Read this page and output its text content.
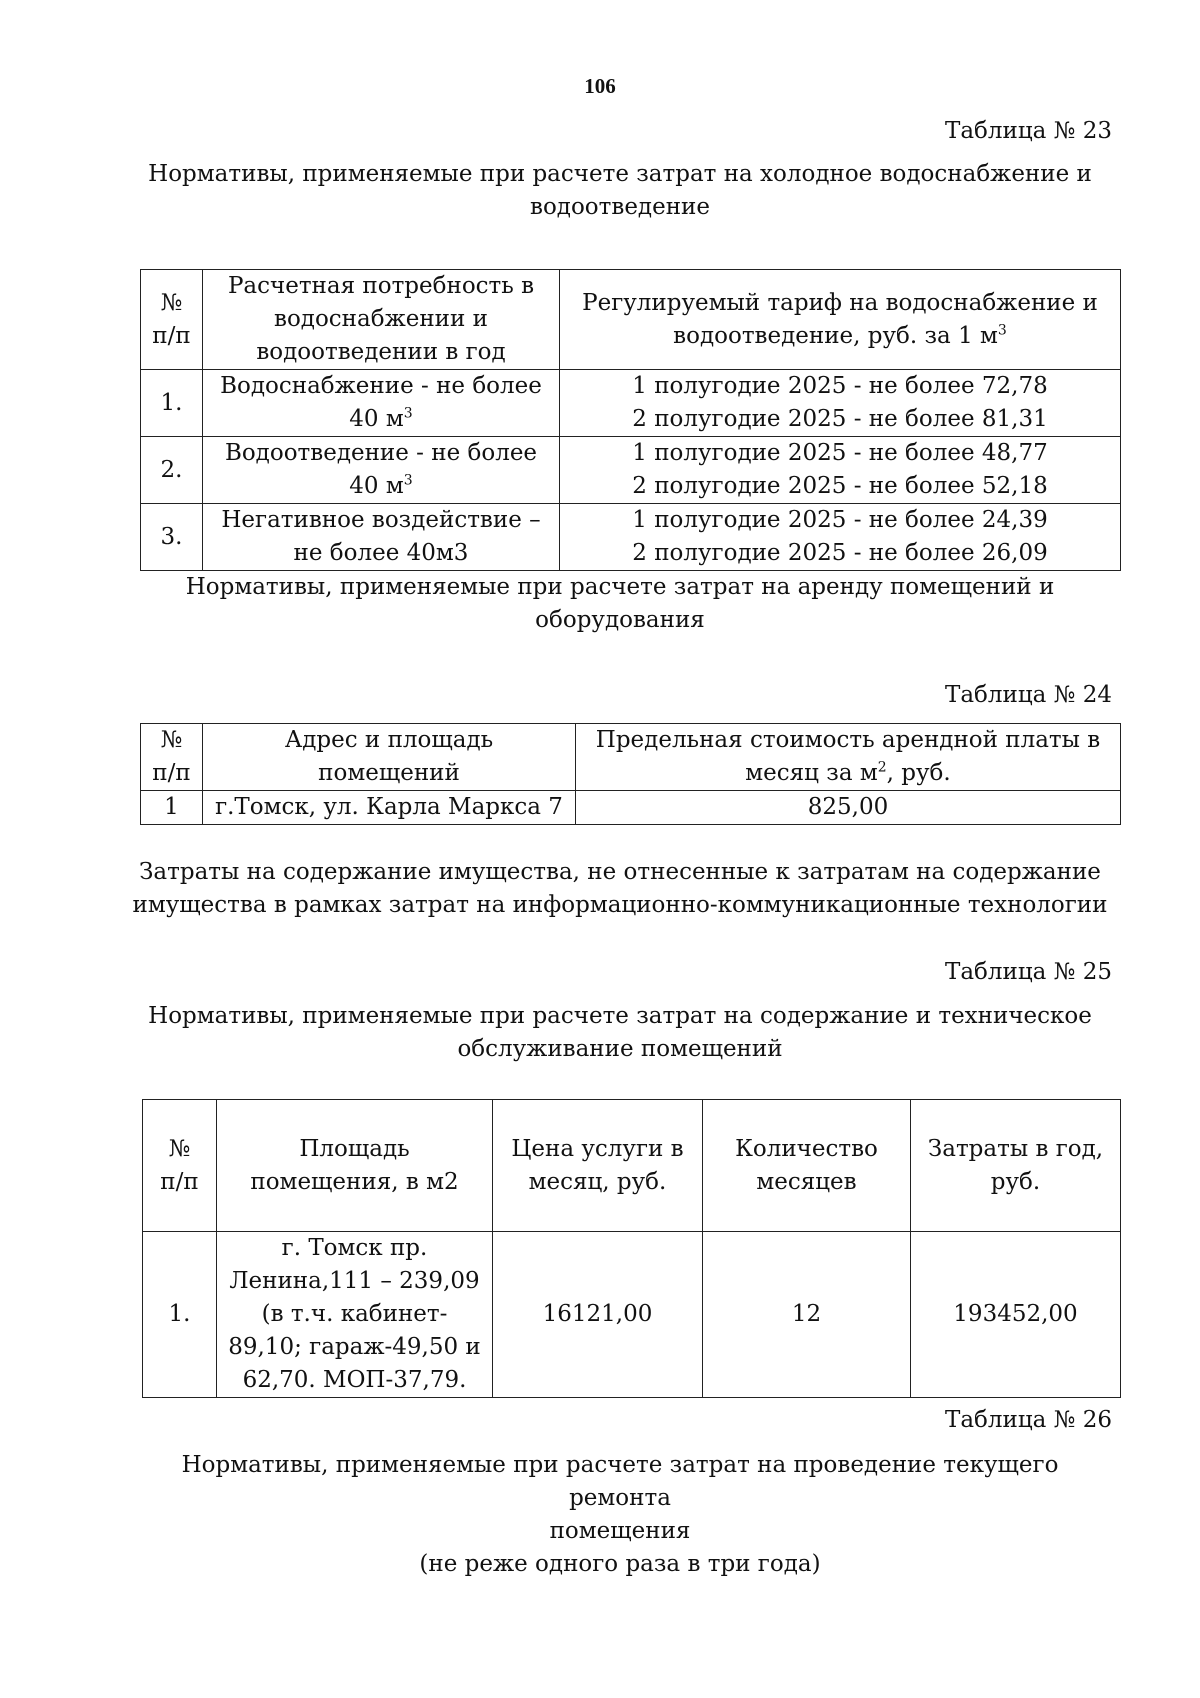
106
Таблица № 23
Нормативы, применяемые при расчете затрат на холодное водоснабжение и
водоотведение
№
п/п	Расчетная потребность в
водоснабжении и
водоотведении в год	Регулируемый тариф на водоснабжение и
водоотведение, руб. за 1 $м^3$

1.	Водоснабжение - не более
40 $м^3$	1 полугодие 2025 - не более 72,78
2 полугодие 2025 - не более 81,31

2.	Водоотведение - не более
40 $м^3$	1 полугодие 2025 - не более 48,77
2 полугодие 2025 - не более 52,18

3.	Негативное воздействие –
не более 40м3	1 полугодие 2025 - не более 24,39
2 полугодие 2025 - не более 26,09
Нормативы, применяемые при расчете затрат на аренду помещений и
оборудования
Таблица № 24
№
п/п	Адрес и площадь
помещений	Предельная стоимость арендной платы в
месяц за $м^2$, руб.

1	г.Томск, ул. Карла Маркса 7	825,00
Затраты на содержание имущества, не отнесенные к затратам на содержание
имущества в рамках затрат на информационно-коммуникационные технологии
Таблица № 25
Нормативы, применяемые при расчете затрат на содержание и техническое
обслуживание помещений
№
п/п	Площадь
помещения, в м2	Цена услуги в
месяц, руб.	Количество
месяцев	Затраты в год,
руб.

1.	г. Томск пр.
Ленина,111 – 239,09
(в т.ч. кабинет-
89,10; гараж-49,50 и
62,70. МОП-37,79.	16121,00	12	193452,00
Таблица № 26
Нормативы, применяемые при расчете затрат на проведение текущего ремонта
помещения
(не реже одного раза в три года)
